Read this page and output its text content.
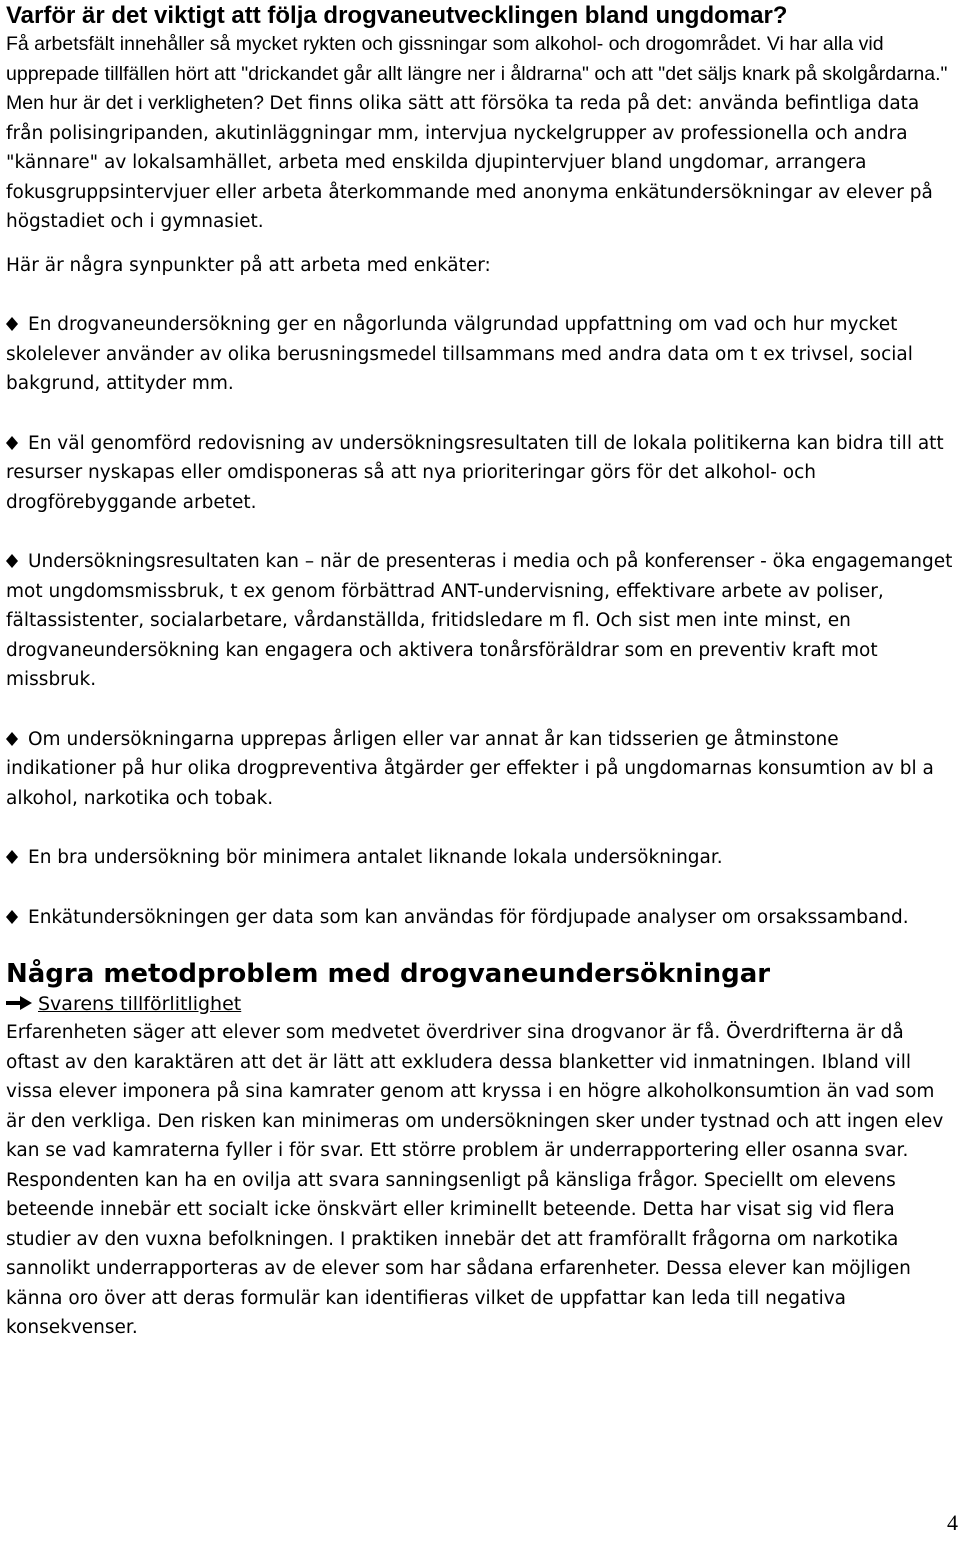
Varför är det viktigt att följa drogvaneutvecklingen bland ungdomar?

Få arbetsfält innehåller så mycket rykten och gissningar som alkohol- och drogområdet. Vi har alla vid upprepade tillfällen hört att "drickandet går allt längre ner i åldrarna" och att "det säljs knark på skolgårdarna." Men hur är det i verkligheten? Det finns olika sätt att försöka ta reda på det: använda befintliga data från polisingripanden, akutinläggningar mm, intervjua nyckelgrupper av professionella och andra "kännare" av lokalsamhället, arbeta med enskilda djupintervjuer bland ungdomar, arrangera fokusgruppsintervjuer eller arbeta återkommande med anonyma enkätundersökningar av elever på högstadiet och i gymnasiet.

Här är några synpunkter på att arbeta med enkäter:

En drogvaneundersökning ger en någorlunda välgrundad uppfattning om vad och hur mycket skolelever använder av olika berusningsmedel tillsammans med andra data om t ex trivsel, social bakgrund, attityder mm.

En väl genomförd redovisning av undersökningsresultaten till de lokala politikerna kan bidra till att resurser nyskapas eller omdisponeras så att nya prioriteringar görs för det alkohol- och drogförebyggande arbetet.

Undersökningsresultaten kan – när de presenteras i media och på konferenser - öka engagemanget mot ungdomsmissbruk, t ex genom förbättrad ANT-undervisning, effektivare arbete av poliser, fältassistenter, socialarbetare, vårdanställda, fritidsledare m fl. Och sist men inte minst, en drogvaneundersökning kan engagera och aktivera tonårsföräldrar som en preventiv kraft mot missbruk.

Om undersökningarna upprepas årligen eller var annat år kan tidsserien ge åtminstone indikationer på hur olika drogpreventiva åtgärder ger effekter i på ungdomarnas konsumtion av bl a alkohol, narkotika och tobak.

En bra undersökning bör minimera antalet liknande lokala undersökningar.

Enkätundersökningen ger data som kan användas för fördjupade analyser om orsakssamband.

Några metodproblem med drogvaneundersökningar

Svarens tillförlitlighet

Erfarenheten säger att elever som medvetet överdriver sina drogvanor är få. Överdrifterna är då oftast av den karaktären att det är lätt att exkludera dessa blanketter vid inmatningen. Ibland vill vissa elever imponera på sina kamrater genom att kryssa i en högre alkoholkonsumtion än vad som är den verkliga. Den risken kan minimeras om undersökningen sker under tystnad och att ingen elev kan se vad kamraterna fyller i för svar. Ett större problem är underrapportering eller osanna svar. Respondenten kan ha en ovilja att svara sanningsenligt på känsliga frågor. Speciellt om elevens beteende innebär ett socialt icke önskvärt eller kriminellt beteende. Detta har visat sig vid flera studier av den vuxna befolkningen. I praktiken innebär det att framförallt frågorna om narkotika sannolikt underrapporteras av de elever som har sådana erfarenheter. Dessa elever kan möjligen känna oro över att deras formulär kan identifieras vilket de uppfattar kan leda till negativa konsekvenser.

4
